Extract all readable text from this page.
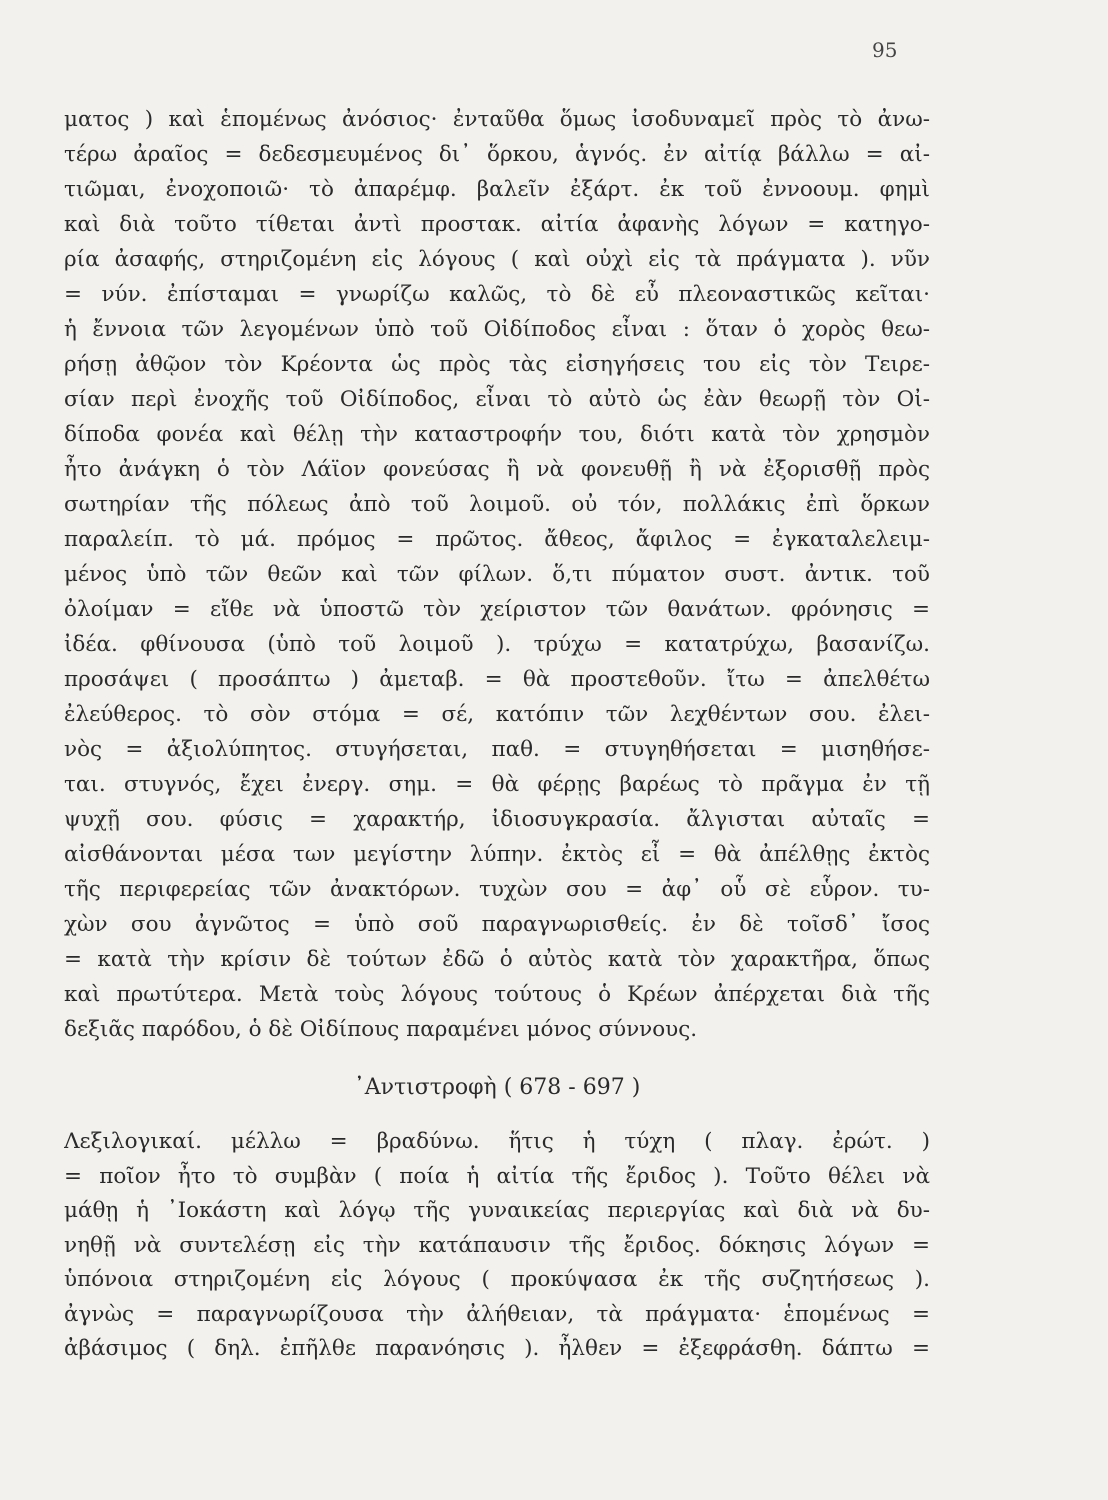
95
ματος ) καὶ ἑπομένως ἀνόσιος· ἐνταῦθα ὅμως ἰσοδυναμεῖ πρὸς τὸ ἀνω-
τέρω ἀραῖος = δεδεσμευμένος δι᾽ ὅρκου, ἁγνός. ἐν αἰτίᾳ βάλλω = αἰ-
τιῶμαι, ἐνοχοποιῶ· τὸ ἀπαρέμφ. βαλεῖν ἐξάρτ. ἐκ τοῦ ἐννοουμ. φημὶ
καὶ διὰ τοῦτο τίθεται ἀντὶ προστακ. αἰτία ἀφανὴς λόγων = κατηγο-
ρία ἀσαφής, στηριζομένη εἰς λόγους ( καὶ οὐχὶ εἰς τὰ πράγματα ). νῦν
= νύν. ἐπίσταμαι = γνωρίζω καλῶς, τὸ δὲ εὖ πλεοναστικῶς κεῖται·
ἡ ἔννοια τῶν λεγομένων ὑπὸ τοῦ Οἰδίποδος εἶναι : ὅταν ὁ χορὸς θεω-
ρήσῃ ἀθῷον τὸν Κρέοντα ὡς πρὸς τὰς εἰσηγήσεις του εἰς τὸν Τειρε-
σίαν περὶ ἐνοχῆς τοῦ Οἰδίποδος, εἶναι τὸ αὐτὸ ὡς ἐὰν θεωρῇ τὸν Οἰ-
δίποδα φονέα καὶ θέλῃ τὴν καταστροφήν του, διότι κατὰ τὸν χρησμὸν
ἦτο ἀνάγκη ὁ τὸν Λάϊον φονεύσας ἢ νὰ φονευθῇ ἢ νὰ ἐξορισθῇ πρὸς
σωτηρίαν τῆς πόλεως ἀπὸ τοῦ λοιμοῦ. οὐ τόν, πολλάκις ἐπὶ ὅρκων
παραλείπ. τὸ μά. πρόμος = πρῶτος. ἄθεος, ἄφιλος = ἐγκαταλελειμ-
μένος ὑπὸ τῶν θεῶν καὶ τῶν φίλων. ὅ,τι πύματον συστ. ἀντικ. τοῦ
ὀλοίμαν = εἴθε νὰ ὑποστῶ τὸν χείριστον τῶν θανάτων. φρόνησις =
ἰδέα. φθίνουσα (ὑπὸ τοῦ λοιμοῦ ). τρύχω = κατατρύχω, βασανίζω.
προσάψει ( προσάπτω ) ἀμεταβ. = θὰ προστεθοῦν. ἴτω = ἀπελθέτω
ἐλεύθερος. τὸ σὸν στόμα = σέ, κατόπιν τῶν λεχθέντων σου. ἐλει-
νὸς = ἀξιολύπητος. στυγήσεται, παθ. = στυγηθήσεται = μισηθήσε-
ται. στυγνός, ἔχει ἐνεργ. σημ. = θὰ φέρῃς βαρέως τὸ πρᾶγμα ἐν τῇ
ψυχῇ σου. φύσις = χαρακτήρ, ἰδιοσυγκρασία. ἄλγισται αὐταῖς =
αἰσθάνονται μέσα των μεγίστην λύπην. ἐκτὸς εἶ = θὰ ἀπέλθῃς ἐκτὸς
τῆς περιφερείας τῶν ἀνακτόρων. τυχὼν σου = ἀφ᾽ οὗ σὲ εὗρον. τυ-
χὼν σου ἀγνῶτος = ὑπὸ σοῦ παραγνωρισθείς. ἐν δὲ τοῖσδ᾽ ἴσος
= κατὰ τὴν κρίσιν δὲ τούτων ἐδῶ ὁ αὐτὸς κατὰ τὸν χαρακτῆρα, ὅπως
καὶ πρωτύτερα. Μετὰ τοὺς λόγους τούτους ὁ Κρέων ἀπέρχεται διὰ τῆς
δεξιᾶς παρόδου, ὁ δὲ Οἰδίπους παραμένει μόνος σύννους.
᾿Αντιστροφὴ ( 678 - 697 )
Λεξιλογικαί. μέλλω = βραδύνω. ἥτις ἡ τύχη ( πλαγ. ἐρώτ. )
= ποῖον ἦτο τὸ συμβὰν ( ποία ἡ αἰτία τῆς ἔριδος ). Τοῦτο θέλει νὰ
μάθῃ ἡ ᾿Ιοκάστη καὶ λόγῳ τῆς γυναικείας περιεργίας καὶ διὰ νὰ δυ-
νηθῇ νὰ συντελέσῃ εἰς τὴν κατάπαυσιν τῆς ἔριδος. δόκησις λόγων =
ὑπόνοια στηριζομένη εἰς λόγους ( προκύψασα ἐκ τῆς συζητήσεως ).
ἀγνὼς = παραγνωρίζουσα τὴν ἀλήθειαν, τὰ πράγματα· ἑπομένως =
ἀβάσιμος ( δηλ. ἐπῆλθε παρανόησις ). ἦλθεν = ἐξεφράσθη. δάπτω =
